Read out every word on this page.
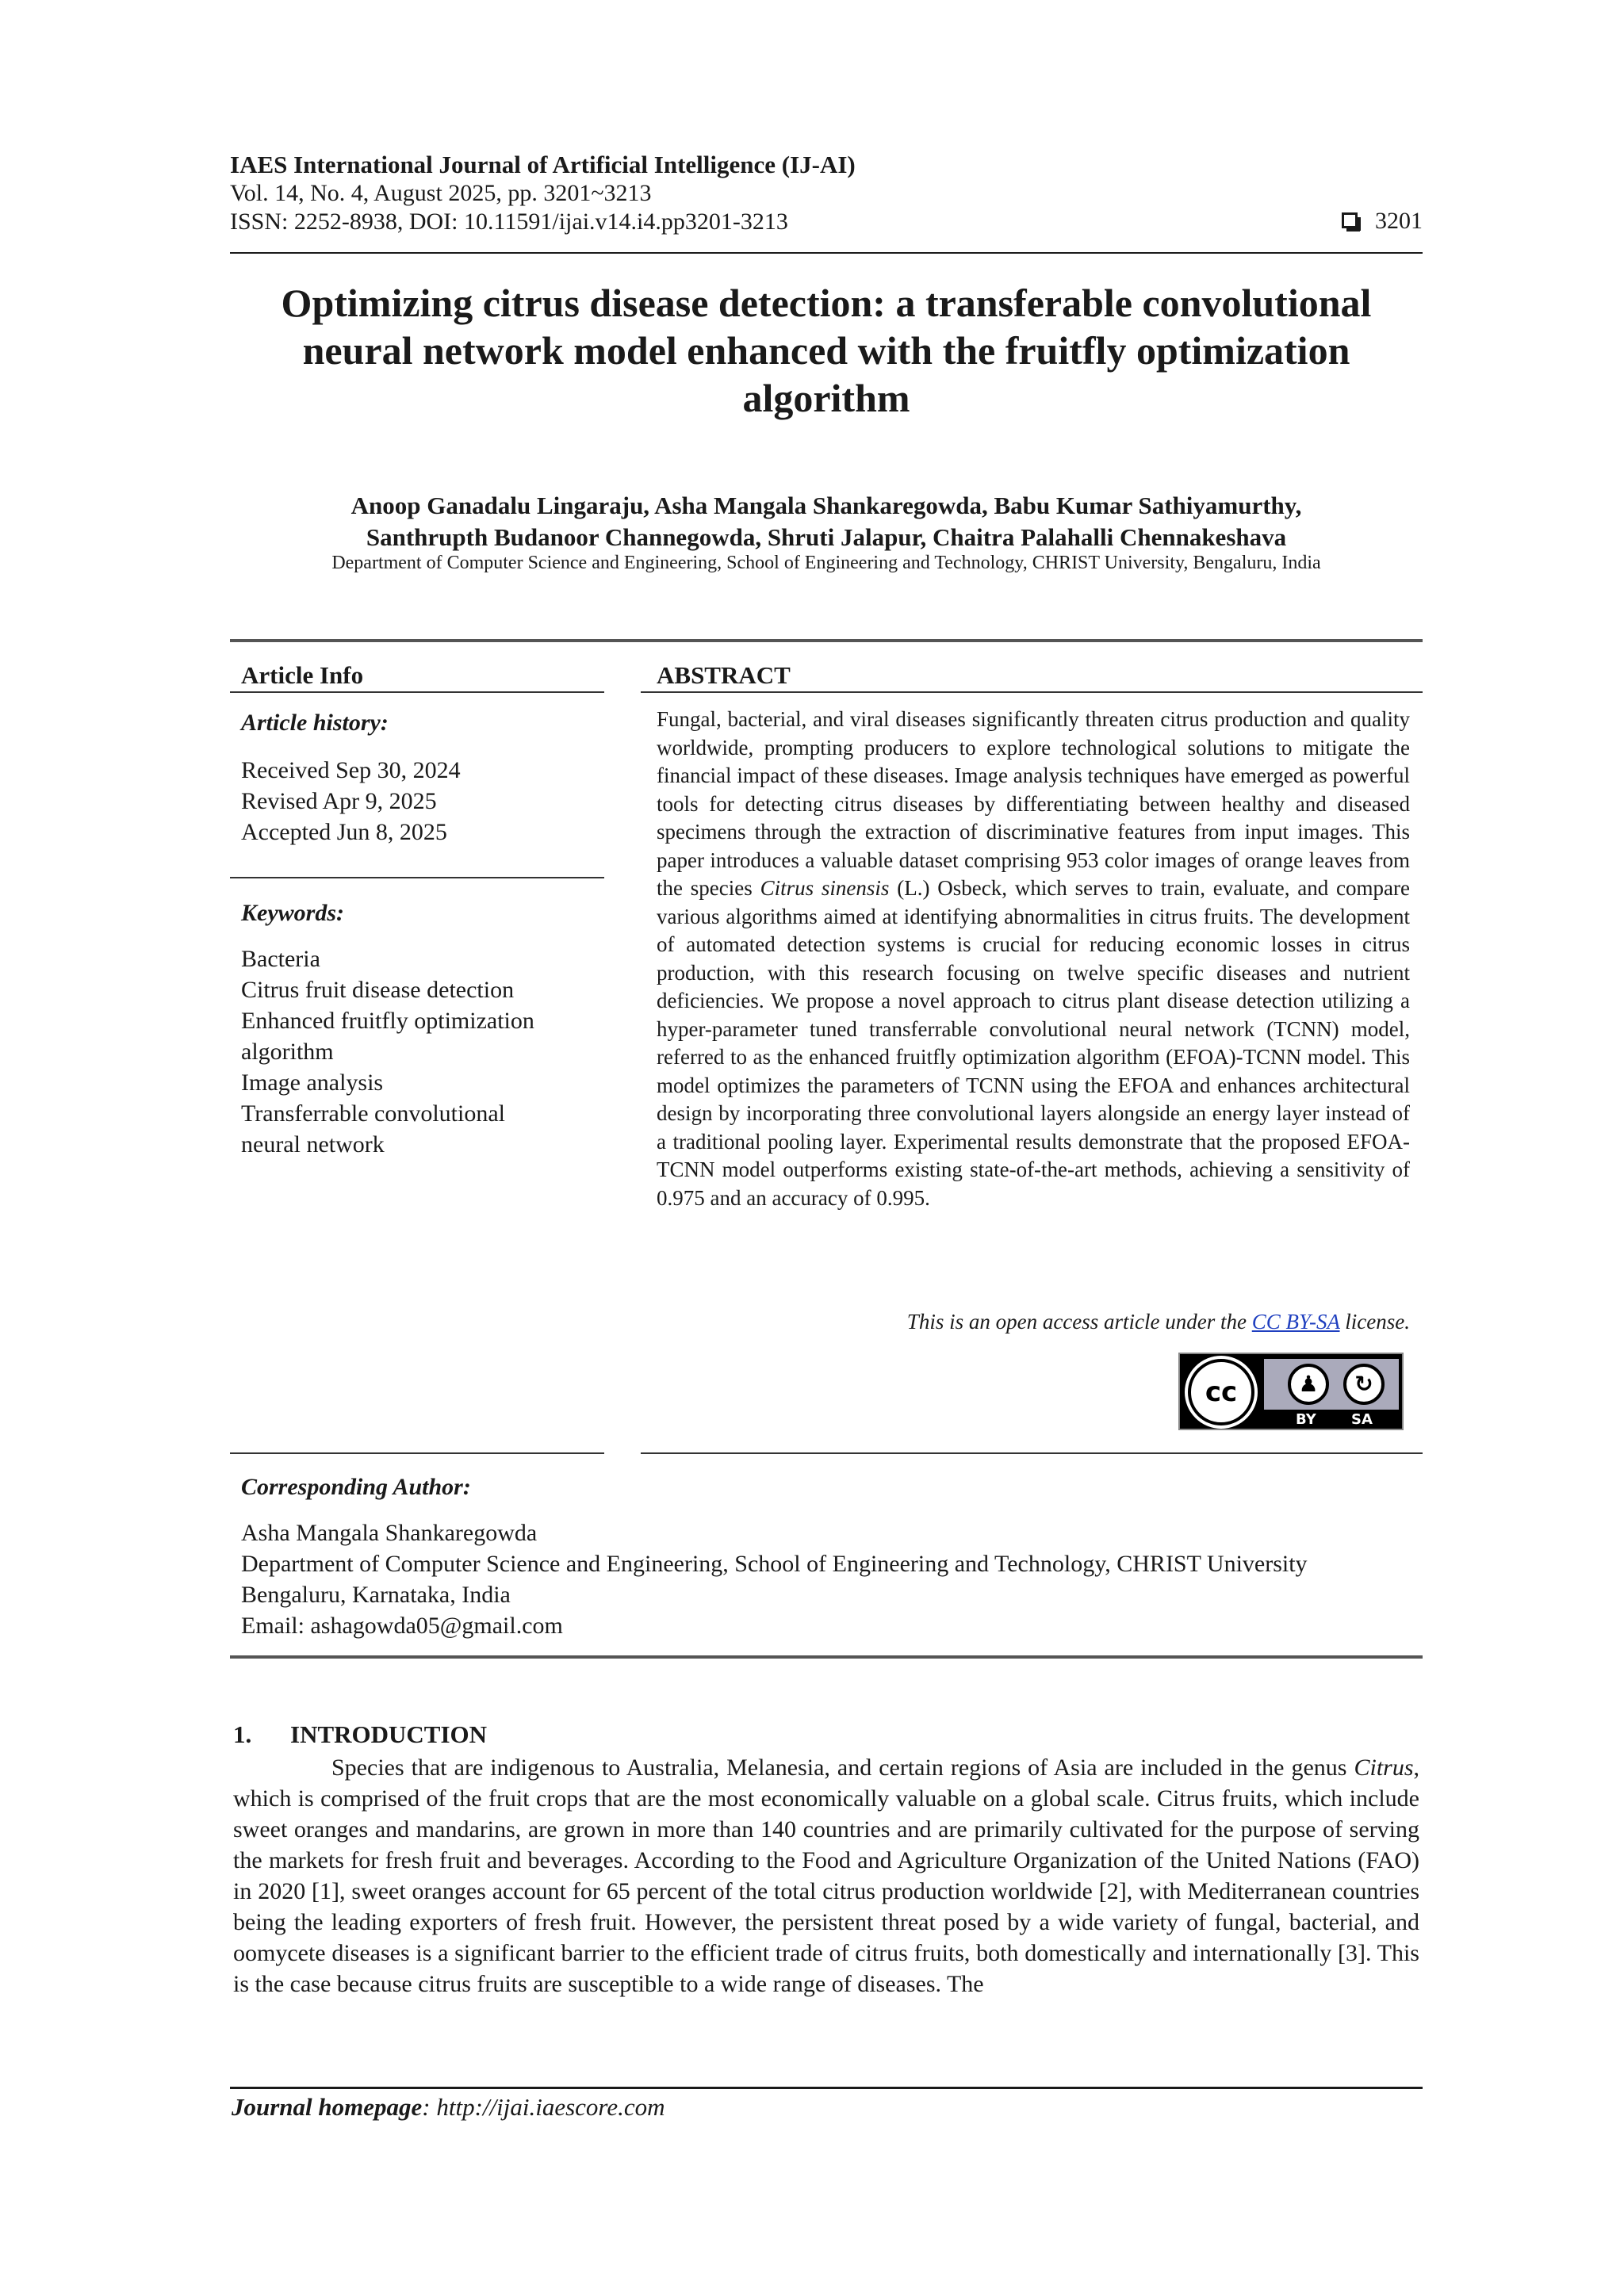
IAES International Journal of Artificial Intelligence (IJ-AI)
Vol. 14, No. 4, August 2025, pp. 3201~3213
ISSN: 2252-8938, DOI: 10.11591/ijai.v14.i4.pp3201-3213	3201
Optimizing citrus disease detection: a transferable convolutional neural network model enhanced with the fruitfly optimization algorithm
Anoop Ganadalu Lingaraju, Asha Mangala Shankaregowda, Babu Kumar Sathiyamurthy,
Santhrupth Budanoor Channegowda, Shruti Jalapur, Chaitra Palahalli Chennakeshava
Department of Computer Science and Engineering, School of Engineering and Technology, CHRIST University, Bengaluru, India
Article Info	ABSTRACT
Article history:
Received Sep 30, 2024
Revised Apr 9, 2025
Accepted Jun 8, 2025
Keywords:
Bacteria
Citrus fruit disease detection
Enhanced fruitfly optimization
algorithm
Image analysis
Transferrable convolutional
neural network
Fungal, bacterial, and viral diseases significantly threaten citrus production and quality worldwide, prompting producers to explore technological solutions to mitigate the financial impact of these diseases. Image analysis techniques have emerged as powerful tools for detecting citrus diseases by differentiating between healthy and diseased specimens through the extraction of discriminative features from input images. This paper introduces a valuable dataset comprising 953 color images of orange leaves from the species Citrus sinensis (L.) Osbeck, which serves to train, evaluate, and compare various algorithms aimed at identifying abnormalities in citrus fruits. The development of automated detection systems is crucial for reducing economic losses in citrus production, with this research focusing on twelve specific diseases and nutrient deficiencies. We propose a novel approach to citrus plant disease detection utilizing a hyper-parameter tuned transferrable convolutional neural network (TCNN) model, referred to as the enhanced fruitfly optimization algorithm (EFOA)-TCNN model. This model optimizes the parameters of TCNN using the EFOA and enhances architectural design by incorporating three convolutional layers alongside an energy layer instead of a traditional pooling layer. Experimental results demonstrate that the proposed EFOA-TCNN model outperforms existing state-of-the-art methods, achieving a sensitivity of 0.975 and an accuracy of 0.995.
This is an open access article under the CC BY-SA license.
cc	♟	↻
BY SA
Corresponding Author:
Asha Mangala Shankaregowda
Department of Computer Science and Engineering, School of Engineering and Technology, CHRIST University
Bengaluru, Karnataka, India
Email: ashagowda05@gmail.com
1. INTRODUCTION
Species that are indigenous to Australia, Melanesia, and certain regions of Asia are included in the genus Citrus, which is comprised of the fruit crops that are the most economically valuable on a global scale. Citrus fruits, which include sweet oranges and mandarins, are grown in more than 140 countries and are primarily cultivated for the purpose of serving the markets for fresh fruit and beverages. According to the Food and Agriculture Organization of the United Nations (FAO) in 2020 [1], sweet oranges account for 65 percent of the total citrus production worldwide [2], with Mediterranean countries being the leading exporters of fresh fruit. However, the persistent threat posed by a wide variety of fungal, bacterial, and oomycete diseases is a significant barrier to the efficient trade of citrus fruits, both domestically and internationally [3]. This is the case because citrus fruits are susceptible to a wide range of diseases. The
Journal homepage: http://ijai.iaescore.com
